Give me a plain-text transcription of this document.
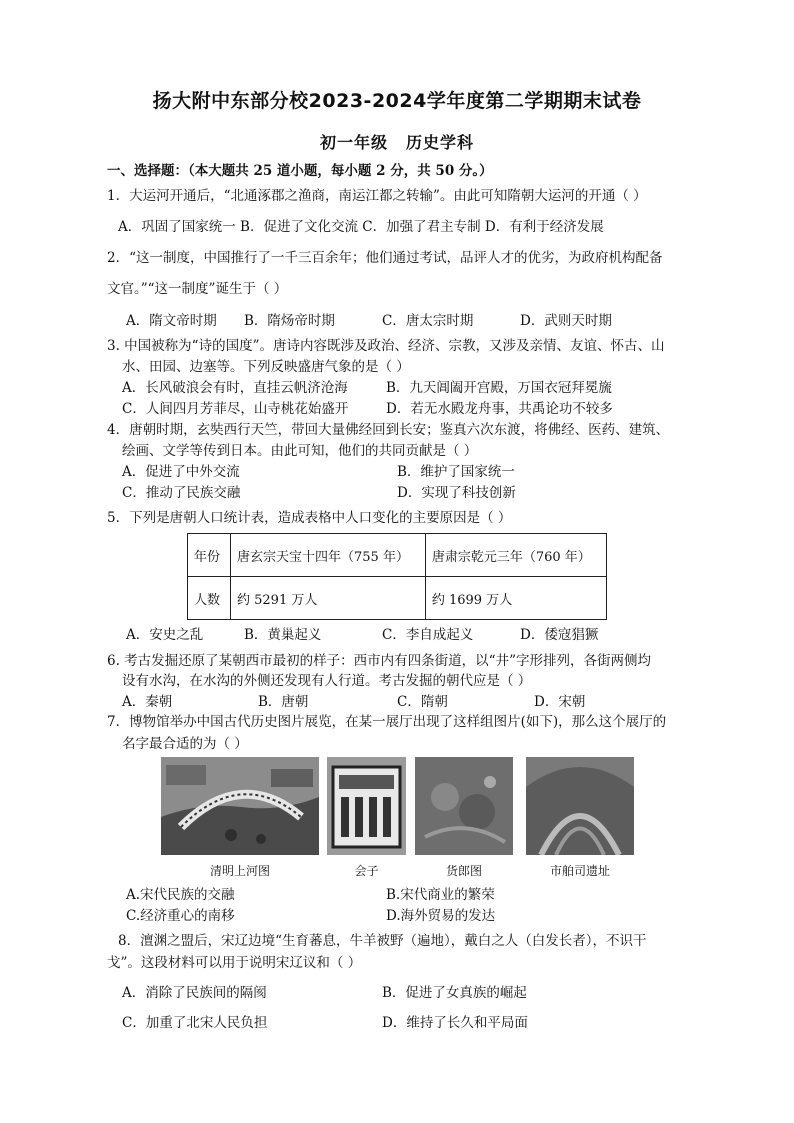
扬大附中东部分校2023-2024学年度第二学期期末试卷
初一年级 历史学科
一、选择题：（本大题共 25 道小题，每小题 2 分，共 50 分。）
1．大运河开通后，“北通涿郡之渔商，南运江都之转输”。由此可知隋朝大运河的开通（ ）
A．巩固了国家统一 B．促进了文化交流 C．加强了君主专制 D．有利于经济发展
2．“这一制度，中国推行了一千三百余年；他们通过考试，品评人才的优劣，为政府机构配备
文官。”“这一制度”诞生于（ ）
A．隋文帝时期 B．隋炀帝时期	C．唐太宗时期	D．武则天时期
3. 中国被称为“诗的国度”。唐诗内容既涉及政治、经济、宗教，又涉及亲情、友谊、怀古、山
水、田园、边塞等。下列反映盛唐气象的是（ ）
A．长风破浪会有时，直挂云帆济沧海	B．九天阊阖开宫殿，万国衣冠拜冕旒
C．人间四月芳菲尽，山寺桃花始盛开	D．若无水殿龙舟事，共禹论功不较多
4．唐朝时期，玄奘西行天竺，带回大量佛经回到长安；鉴真六次东渡，将佛经、医药、建筑、
绘画、文学等传到日本。由此可知，他们的共同贡献是（ ）
A．促进了中外交流	B．维护了国家统一
C．推动了民族交融	D．实现了科技创新
5．下列是唐朝人口统计表，造成表格中人口变化的主要原因是（ ）
年份	唐玄宗天宝十四年（755 年）	唐肃宗乾元三年（760 年）
人数	约 5291 万人	约 1699 万人
A．安史之乱	B．黄巢起义	C．李自成起义	D．倭寇猖獗
6. 考古发掘还原了某朝西市最初的样子：西市内有四条街道，以“井”字形排列，各街两侧均
设有水沟，在水沟的外侧还发现有人行道。考古发掘的朝代应是（ ）
A．秦朝	B．唐朝	C．隋朝	D．宋朝
7．博物馆举办中国古代历史图片展览，在某一展厅出现了这样组图片(如下)，那么这个展厅的
名字最合适的为（ ）
清明上河图	会子	货郎图	市舶司遗址
A.宋代民族的交融	B.宋代商业的繁荣
C.经济重心的南移	D.海外贸易的发达
8．澶渊之盟后，宋辽边境“生育蕃息，牛羊被野（遍地），戴白之人（白发长者），不识干
戈”。这段材料可以用于说明宋辽议和（ ）
A．消除了民族间的隔阂	B．促进了女真族的崛起
C．加重了北宋人民负担	D．维持了长久和平局面
